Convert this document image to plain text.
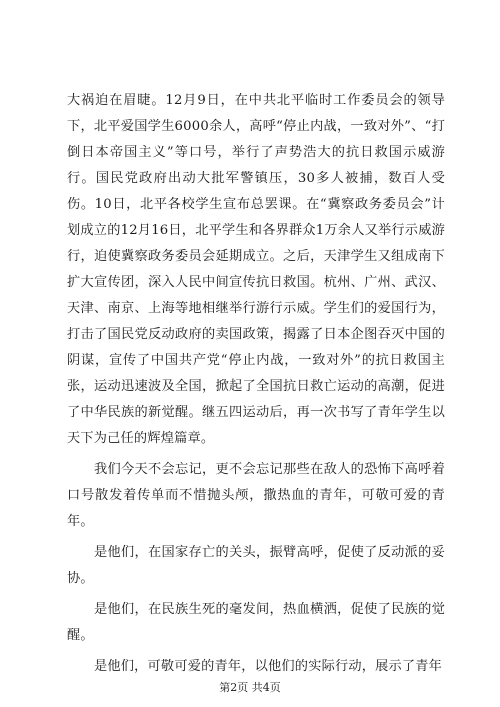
大祸迫在眉睫。12月9日，在中共北平临时工作委员会的领导下，北平爱国学生6000余人，高呼“停止内战，一致对外”、“打倒日本帝国主义”等口号，举行了声势浩大的抗日救国示威游行。国民党政府出动大批军警镇压，30多人被捕，数百人受伤。10日，北平各校学生宣布总罢课。在“冀察政务委员会”计划成立的12月16日，北平学生和各界群众1万余人又举行示威游行，迫使冀察政务委员会延期成立。之后，天津学生又组成南下扩大宣传团，深入人民中间宣传抗日救国。杭州、广州、武汉、天津、南京、上海等地相继举行游行示威。学生们的爱国行为，打击了国民党反动政府的卖国政策，揭露了日本企图吞灭中国的阴谋，宣传了中国共产党“停止内战，一致对外”的抗日救国主张，运动迅速波及全国，掀起了全国抗日救亡运动的高潮，促进了中华民族的新觉醒。继五四运动后，再一次书写了青年学生以天下为己任的辉煌篇章。

我们今天不会忘记，更不会忘记那些在敌人的恐怖下高呼着口号散发着传单而不惜抛头颅，撒热血的青年，可敬可爱的青年。

是他们，在国家存亡的关头，振臂高呼，促使了反动派的妥协。

是他们，在民族生死的毫发间，热血横洒，促使了民族的觉醒。

是他们，可敬可爱的青年，以他们的实际行动，展示了青年

第2页 共4页
